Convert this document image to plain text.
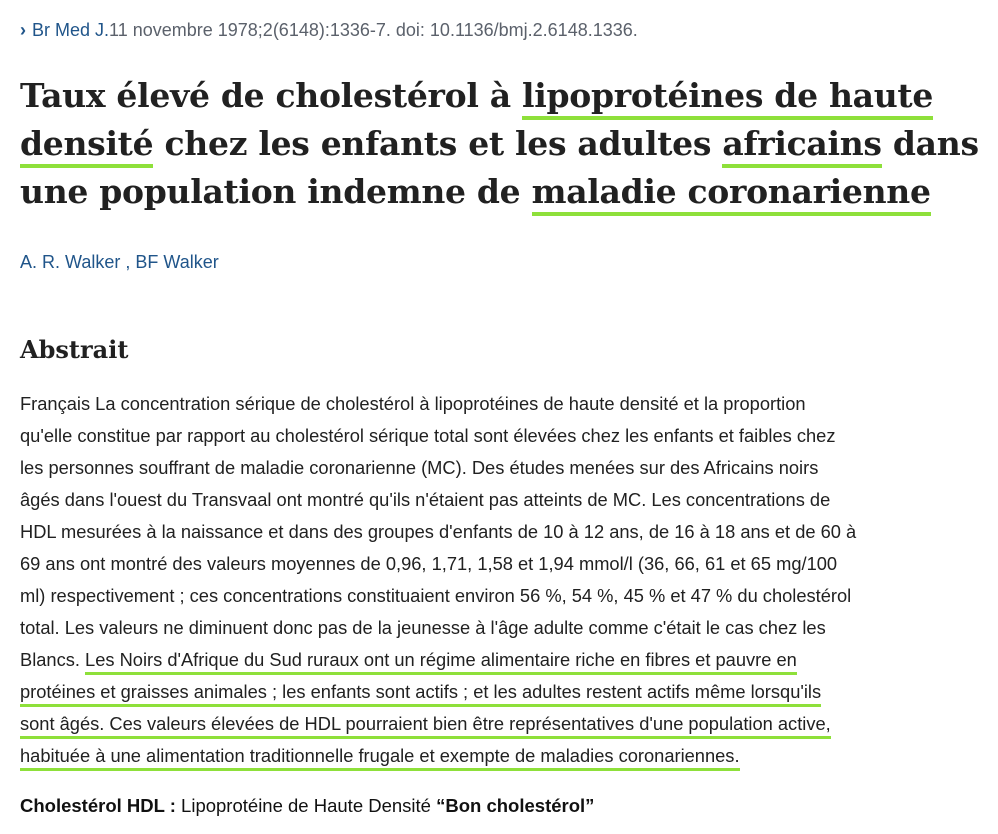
› Br Med J.11 novembre 1978;2(6148):1336-7. doi: 10.1136/bmj.2.6148.1336.
Taux élevé de cholestérol à lipoprotéines de haute
densité chez les enfants et les adultes africains dans
une population indemne de maladie coronarienne
A. R. Walker , BF Walker
Abstrait
Français La concentration sérique de cholestérol à lipoprotéines de haute densité et la proportion
qu'elle constitue par rapport au cholestérol sérique total sont élevées chez les enfants et faibles chez
les personnes souffrant de maladie coronarienne (MC). Des études menées sur des Africains noirs
âgés dans l'ouest du Transvaal ont montré qu'ils n'étaient pas atteints de MC. Les concentrations de
HDL mesurées à la naissance et dans des groupes d'enfants de 10 à 12 ans, de 16 à 18 ans et de 60 à
69 ans ont montré des valeurs moyennes de 0,96, 1,71, 1,58 et 1,94 mmol/l (36, 66, 61 et 65 mg/100
ml) respectivement ; ces concentrations constituaient environ 56 %, 54 %, 45 % et 47 % du cholestérol
total. Les valeurs ne diminuent donc pas de la jeunesse à l'âge adulte comme c'était le cas chez les
Blancs. Les Noirs d'Afrique du Sud ruraux ont un régime alimentaire riche en fibres et pauvre en
protéines et graisses animales ; les enfants sont actifs ; et les adultes restent actifs même lorsqu'ils
sont âgés. Ces valeurs élevées de HDL pourraient bien être représentatives d'une population active,
habituée à une alimentation traditionnelle frugale et exempte de maladies coronariennes.
Cholestérol HDL : Lipoprotéine de Haute Densité “Bon cholestérol”
